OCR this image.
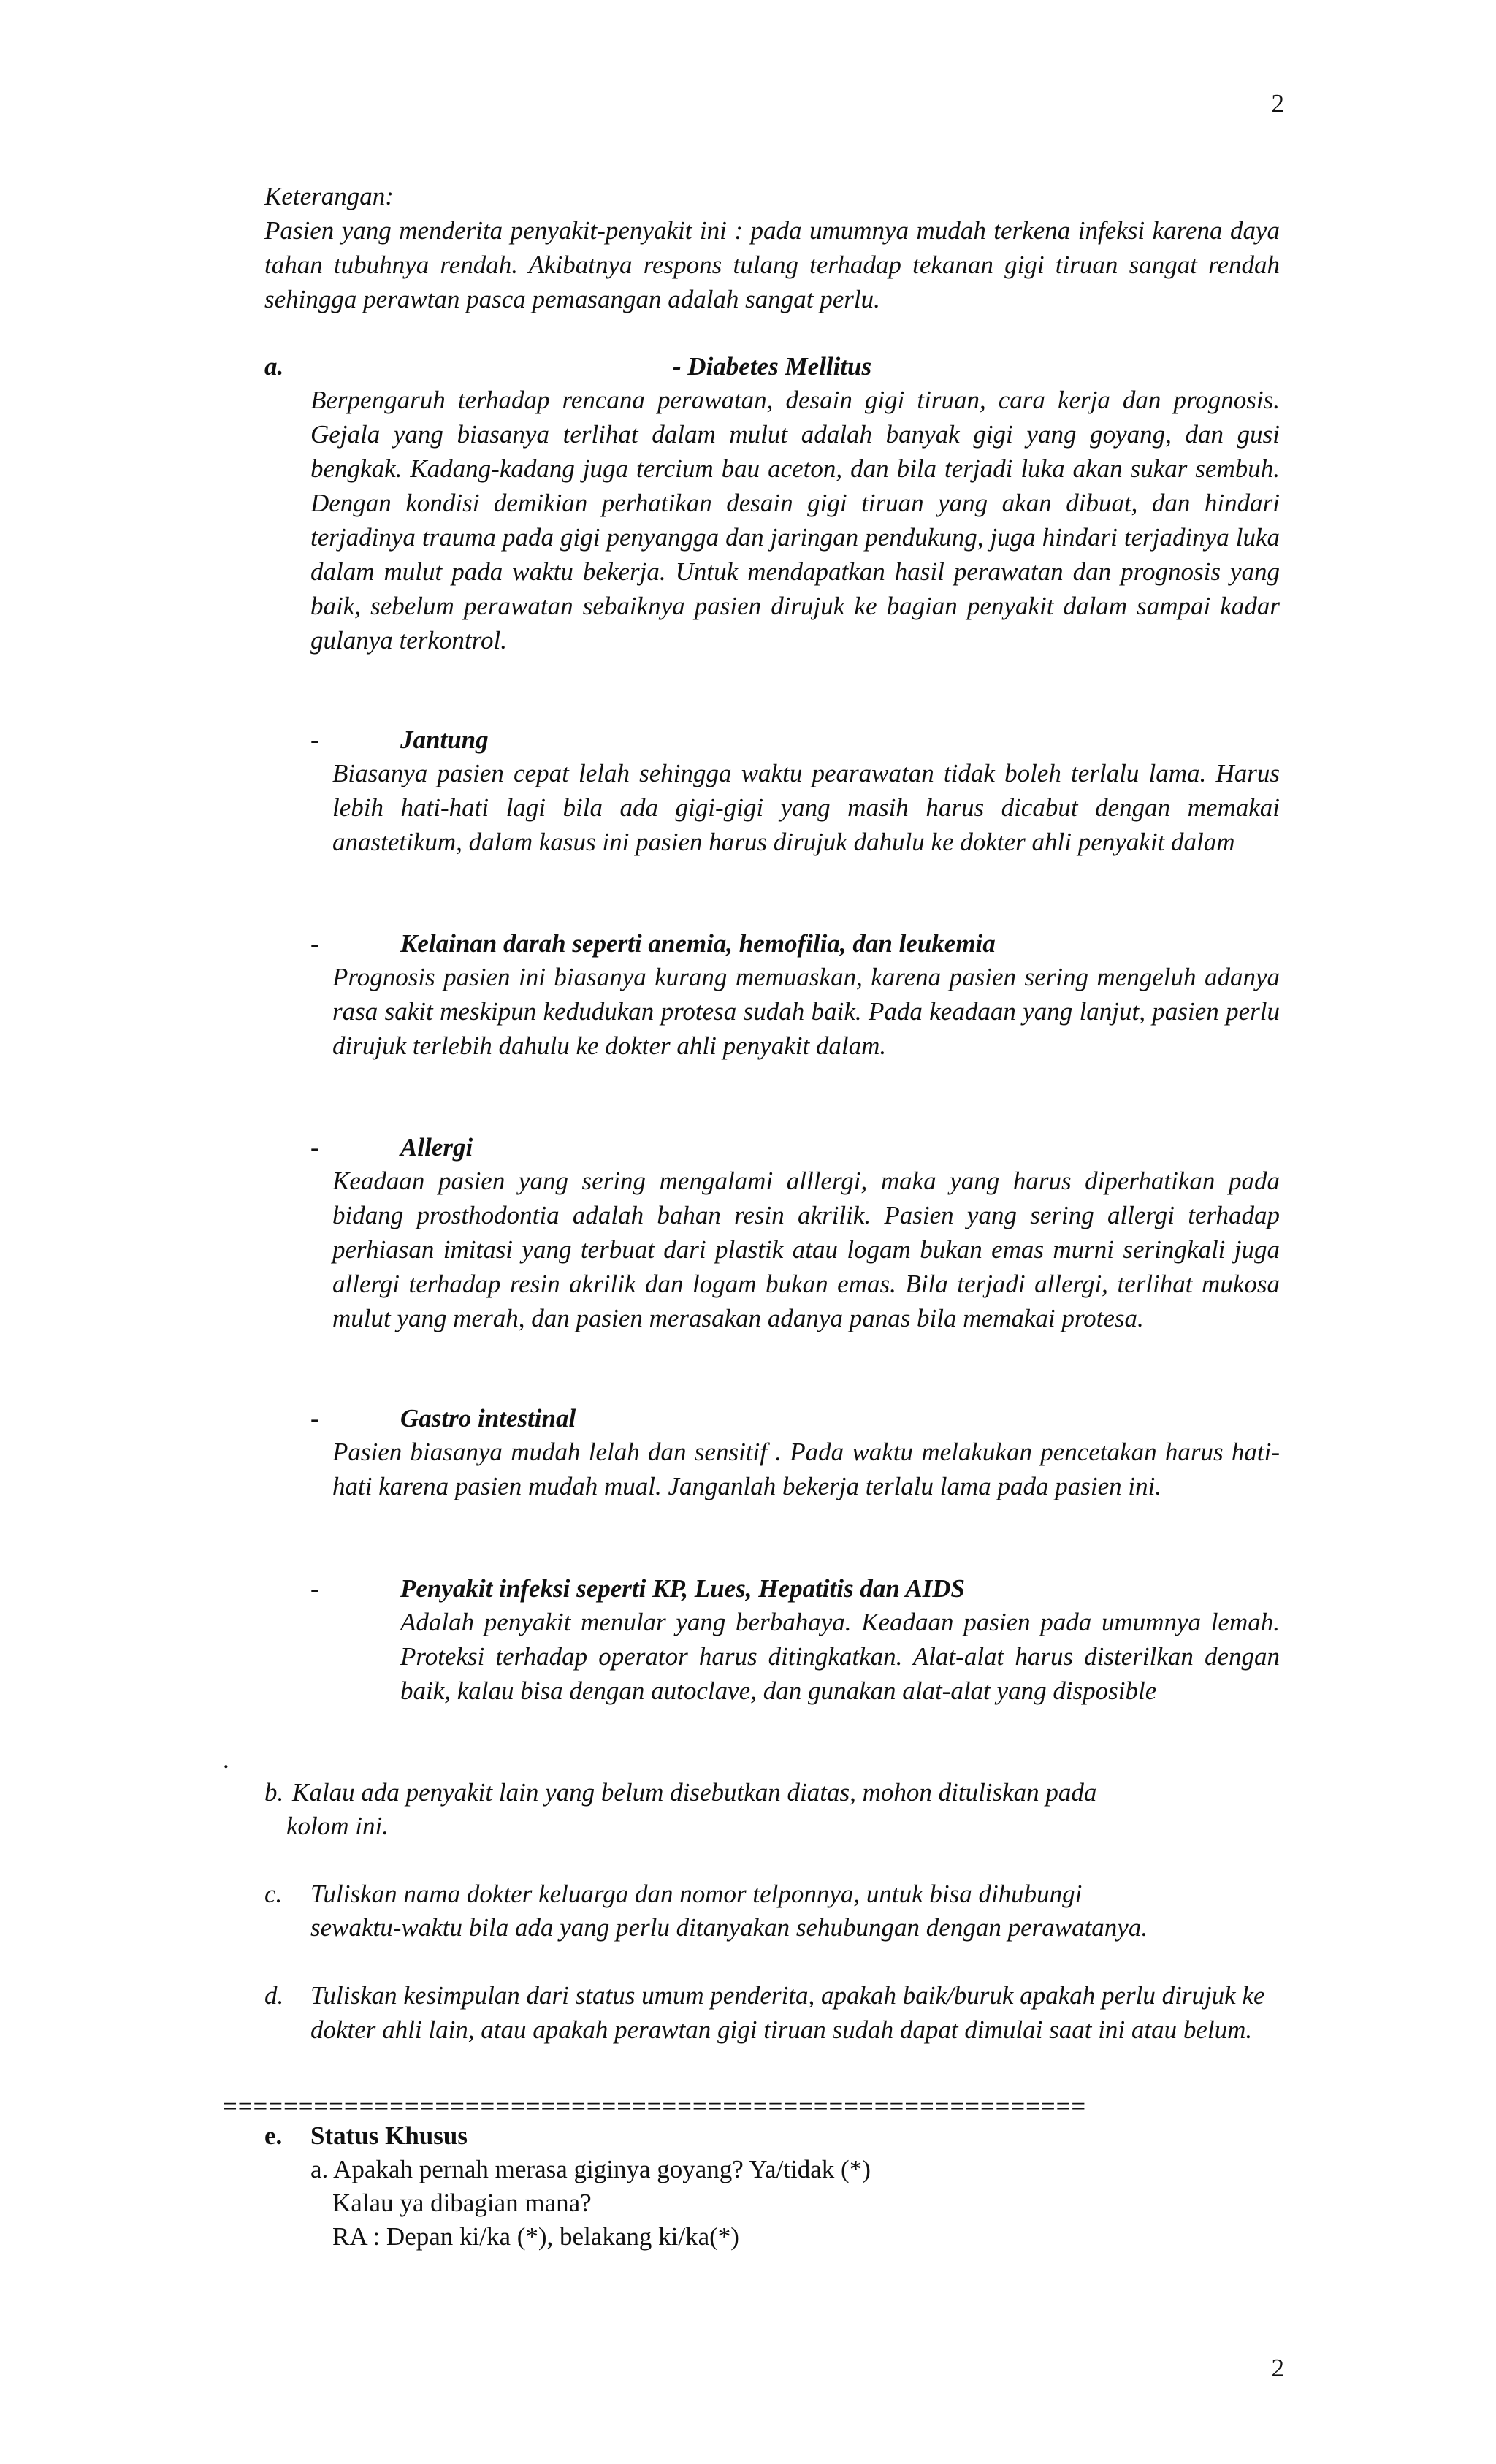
2
Keterangan:
Pasien yang menderita penyakit-penyakit ini : pada umumnya mudah terkena infeksi karena daya tahan tubuhnya rendah. Akibatnya respons tulang terhadap tekanan gigi tiruan sangat rendah sehingga perawtan pasca pemasangan adalah sangat perlu.
a.	- Diabetes Mellitus
Berpengaruh terhadap rencana perawatan, desain gigi tiruan, cara kerja dan prognosis. Gejala yang biasanya terlihat dalam mulut adalah banyak gigi yang goyang, dan gusi bengkak. Kadang-kadang juga tercium bau aceton, dan bila terjadi luka akan sukar sembuh. Dengan kondisi demikian perhatikan desain gigi tiruan yang akan dibuat, dan hindari terjadinya trauma pada gigi penyangga dan jaringan pendukung, juga hindari terjadinya luka dalam mulut pada waktu bekerja. Untuk mendapatkan hasil perawatan dan prognosis yang baik, sebelum perawatan sebaiknya pasien dirujuk ke bagian penyakit dalam sampai kadar gulanya terkontrol.
-	Jantung
Biasanya pasien cepat lelah sehingga waktu pearawatan tidak boleh terlalu lama. Harus lebih hati-hati lagi bila ada gigi-gigi yang masih harus dicabut dengan memakai anastetikum, dalam kasus ini pasien harus dirujuk dahulu ke dokter ahli penyakit dalam
-	Kelainan darah seperti anemia, hemofilia, dan leukemia
Prognosis pasien ini biasanya kurang memuaskan, karena pasien sering mengeluh adanya rasa sakit meskipun kedudukan protesa sudah baik. Pada keadaan yang lanjut, pasien perlu dirujuk terlebih dahulu ke dokter ahli penyakit dalam.
-	Allergi
Keadaan pasien yang sering mengalami alllergi, maka yang harus diperhatikan pada bidang prosthodontia adalah bahan resin akrilik. Pasien yang sering allergi terhadap perhiasan imitasi yang terbuat dari plastik atau logam bukan emas murni seringkali juga allergi terhadap resin akrilik dan logam bukan emas. Bila terjadi allergi, terlihat mukosa mulut yang merah, dan pasien merasakan adanya panas bila memakai protesa.
-	Gastro intestinal
Pasien biasanya mudah lelah dan sensitif . Pada waktu melakukan pencetakan harus hati-hati karena pasien mudah mual. Janganlah bekerja terlalu lama pada pasien ini.
-	Penyakit infeksi seperti KP, Lues, Hepatitis dan AIDS
Adalah penyakit menular yang berbahaya. Keadaan pasien pada umumnya lemah. Proteksi terhadap operator harus ditingkatkan. Alat-alat harus disterilkan dengan baik, kalau bisa dengan autoclave, dan gunakan alat-alat yang disposible
.
b. Kalau ada penyakit lain yang belum disebutkan diatas, mohon dituliskan pada
kolom ini.
c. Tuliskan nama dokter keluarga dan nomor telponnya, untuk bisa dihubungi
sewaktu-waktu bila ada yang perlu ditanyakan sehubungan dengan perawatanya.
d. Tuliskan kesimpulan dari status umum penderita, apakah baik/buruk apakah perlu dirujuk ke dokter ahli lain, atau apakah perawtan gigi tiruan sudah dapat dimulai saat ini atau belum.
=========================================================
e. Status Khusus
a. Apakah pernah merasa giginya goyang? Ya/tidak (*)
Kalau ya dibagian mana?
RA : Depan ki/ka (*), belakang ki/ka(*)
2
